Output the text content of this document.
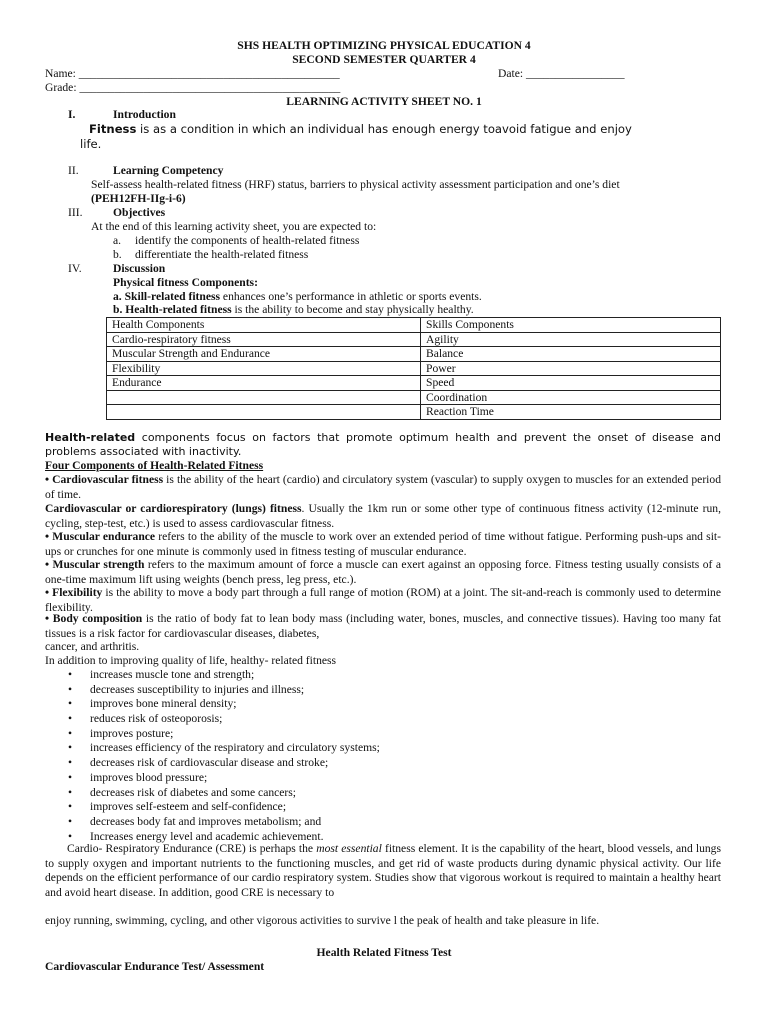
SHS HEALTH OPTIMIZING PHYSICAL EDUCATION 4
SECOND SEMESTER QUARTER 4
Name: _____________________________________________	Date: _________________
Grade: _____________________________________________
LEARNING ACTIVITY SHEET NO. 1
I.	Introduction
Fitness is as a condition in which an individual has enough energy toavoid fatigue and enjoy
life.
II.	Learning Competency
Self-assess health-related fitness (HRF) status, barriers to physical activity assessment participation and one’s diet
(PEH12FH-IIg-i-6)
III.	Objectives
At the end of this learning activity sheet, you are expected to:
a. identify the components of health-related fitness
b. differentiate the health-related fitness
IV.	Discussion
Physical fitness Components:
a. Skill-related fitness enhances one’s performance in athletic or sports events.
b. Health-related fitness is the ability to become and stay physically healthy.
Health Components	Skills Components
Cardio-respiratory fitness	Agility
Muscular Strength and Endurance	Balance
Flexibility	Power
Endurance	Speed
	Coordination
	Reaction Time
Health-related components focus on factors that promote optimum health and prevent the onset of disease and problems associated with inactivity.
Four Components of Health-Related Fitness
• Cardiovascular fitness is the ability of the heart (cardio) and circulatory system (vascular) to supply oxygen to muscles for an extended period of time.
Cardiovascular or cardiorespiratory (lungs) fitness. Usually the 1km run or some other type of continuous fitness activity (12-minute run, cycling, step-test, etc.) is used to assess cardiovascular fitness.
• Muscular endurance refers to the ability of the muscle to work over an extended period of time without fatigue. Performing push-ups and sit-ups or crunches for one minute is commonly used in fitness testing of muscular endurance.
• Muscular strength refers to the maximum amount of force a muscle can exert against an opposing force. Fitness testing usually consists of a one-time maximum lift using weights (bench press, leg press, etc.).
• Flexibility is the ability to move a body part through a full range of motion (ROM) at a joint. The sit-and-reach is commonly used to determine flexibility.
• Body composition is the ratio of body fat to lean body mass (including water, bones, muscles, and connective tissues). Having too many fat tissues is a risk factor for cardiovascular diseases, diabetes,
cancer, and arthritis.
In addition to improving quality of life, healthy- related fitness
• increases muscle tone and strength;
• decreases susceptibility to injuries and illness;
• improves bone mineral density;
• reduces risk of osteoporosis;
• improves posture;
• increases efficiency of the respiratory and circulatory systems;
• decreases risk of cardiovascular disease and stroke;
• improves blood pressure;
• decreases risk of diabetes and some cancers;
• improves self-esteem and self-confidence;
• decreases body fat and improves metabolism; and
• Increases energy level and academic achievement.
Cardio- Respiratory Endurance (CRE) is perhaps the most essential fitness element. It is the capability of the heart, blood vessels, and lungs to supply oxygen and important nutrients to the functioning muscles, and get rid of waste products during dynamic physical activity. Our life depends on the efficient performance of our cardio respiratory system. Studies show that vigorous workout is required to maintain a healthy heart and avoid heart disease. In addition, good CRE is necessary to
enjoy running, swimming, cycling, and other vigorous activities to survive l the peak of health and take pleasure in life.
Health Related Fitness Test
Cardiovascular Endurance Test/ Assessment
